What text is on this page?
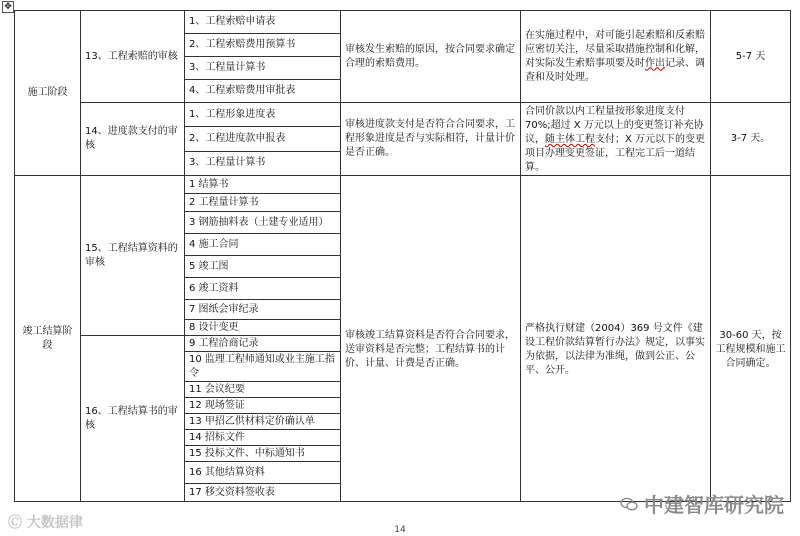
✥
施工阶段	13、工程索赔的审核	1、工程索赔申请表	审核发生索赔的原因，按合同要求确定合理的索赔费用。	在实施过程中，对可能引起索赔和反索赔应密切关注，尽量采取措施控制和化解，对实际发生索赔事项要及时作出记录、调查和及时处理。	5-7 天
		2、工程索赔费用预算书			
		3、工程量计算书			
		4、工程索赔费用审批表			
	14、进度款支付的审核	1、工程形象进度表	审核进度款支付是否符合合同要求，工程形象进度是否与实际相符，计量计价是否正确。	合同价款以内工程量按形象进度支付 70%;超过 X 万元以上的变更签订补充协议，随主体工程支付；X 万元以下的变更项目办理变更签证，工程完工后一道结算。	3-7 天。
		2、工程进度款申报表			
		3、工程量计算书			
竣工结算阶段	15、工程结算资料的审核	1 结算书	审核竣工结算资料是否符合合同要求，送审资料是否完整；工程结算书的计价、计量、计费是否正确。	严格执行财建（2004）369 号文件《建设工程价款结算暂行办法》规定，以事实为依据，以法律为准绳，做到公正、公平、公开。	30-60 天，按工程规模和施工合同确定。
		2 工程量计算书			
		3 钢筋抽料表（土建专业适用）			
		4 施工合同			
		5 竣工图			
		6 竣工资料			
		7 图纸会审纪录			
		8 设计变更			
	16、工程结算书的审核	9 工程洽商记录			
		10 监理工程师通知或业主施工指令			
		11 会议纪要			
		12 现场签证			
		13 甲招乙供材料定价确认单			
		14 招标文件			
		15 投标文件、中标通知书			
		16 其他结算资料			
		17 移交资料签收表			
14
🄫 大数据律
中建智库研究院
